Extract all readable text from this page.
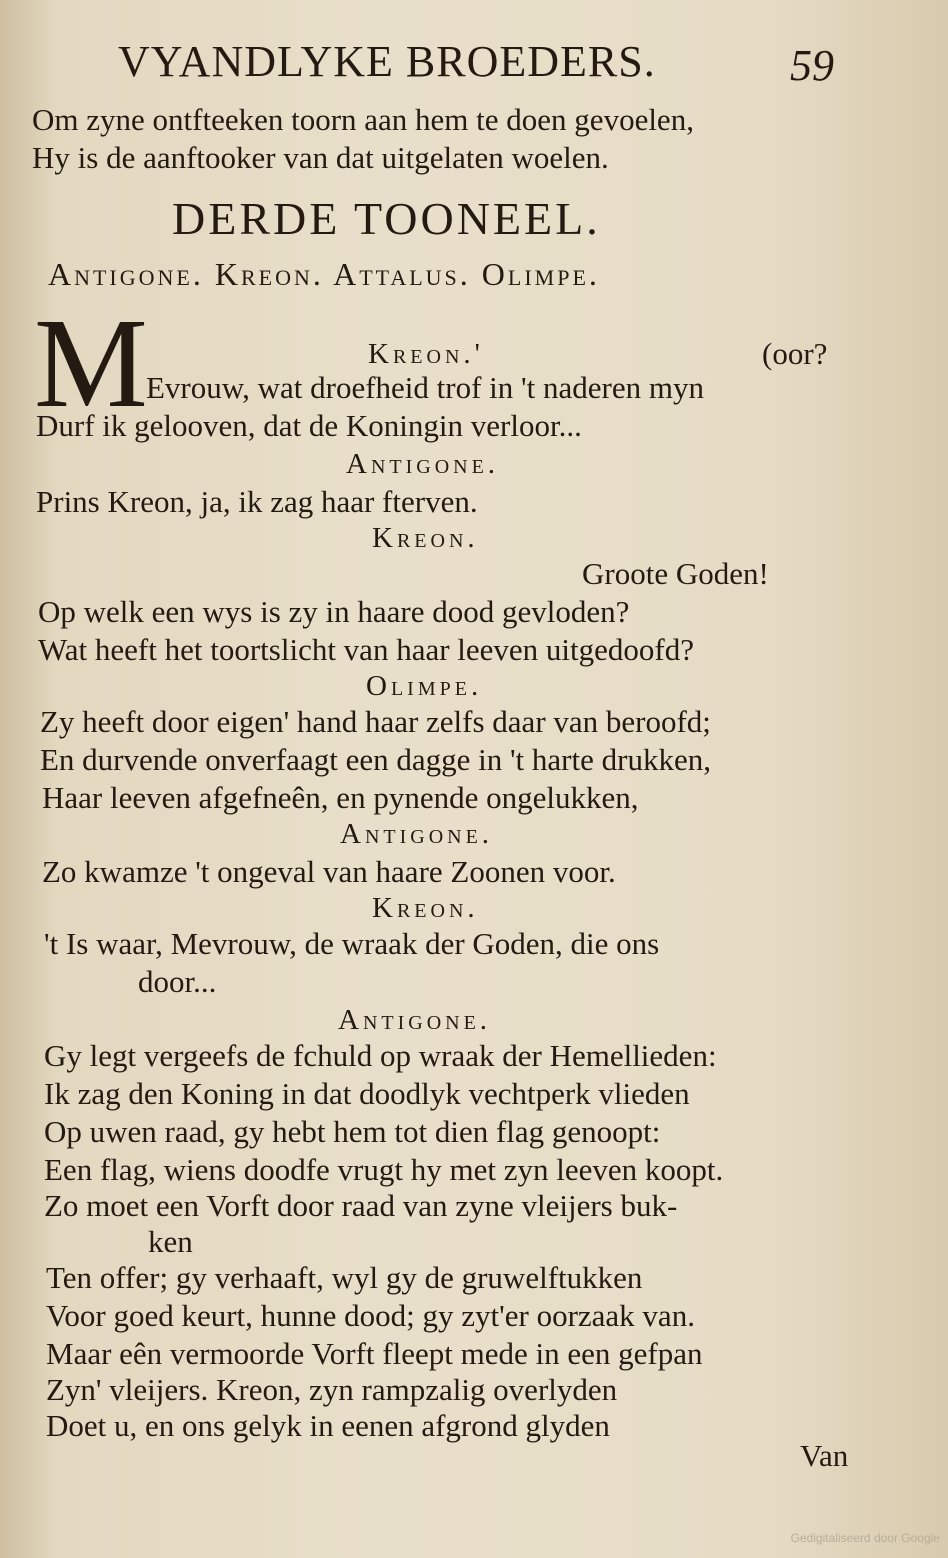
VYANDLYKE BROEDERS.	59
Om zyne ontfteeken toorn aan hem te doen gevoelen,
Hy is de aanftooker van dat uitgelaten woelen.
DERDE TOONEEL.
Antigone. Kreon. Attalus. Olimpe.
M	Kreon.'	(oor?
Evrouw, wat droefheid trof in 't naderen myn
Durf ik gelooven, dat de Koningin verloor...
Antigone.
Prins Kreon, ja, ik zag haar fterven.
Kreon.
Groote Goden!
Op welk een wys is zy in haare dood gevloden?
Wat heeft het toortslicht van haar leeven uitgedoofd?
Olimpe.
Zy heeft door eigen' hand haar zelfs daar van beroofd;
En durvende onverfaagt een dagge in 't harte drukken,
Haar leeven afgefneên, en pynende ongelukken,
Antigone.
Zo kwamze 't ongeval van haare Zoonen voor.
Kreon.
't Is waar, Mevrouw, de wraak der Goden, die ons
door...
Antigone.
Gy legt vergeefs de fchuld op wraak der Hemellieden:
Ik zag den Koning in dat doodlyk vechtperk vlieden
Op uwen raad, gy hebt hem tot dien flag genoopt:
Een flag, wiens doodfe vrugt hy met zyn leeven koopt.
Zo moet een Vorft door raad van zyne vleijers buk-
ken
Ten offer; gy verhaaft, wyl gy de gruwelftukken
Voor goed keurt, hunne dood; gy zyt'er oorzaak van.
Maar eên vermoorde Vorft fleept mede in een gefpan
Zyn' vleijers. Kreon, zyn rampzalig overlyden
Doet u, en ons gelyk in eenen afgrond glyden
Van
Gedigitaliseerd door Google
